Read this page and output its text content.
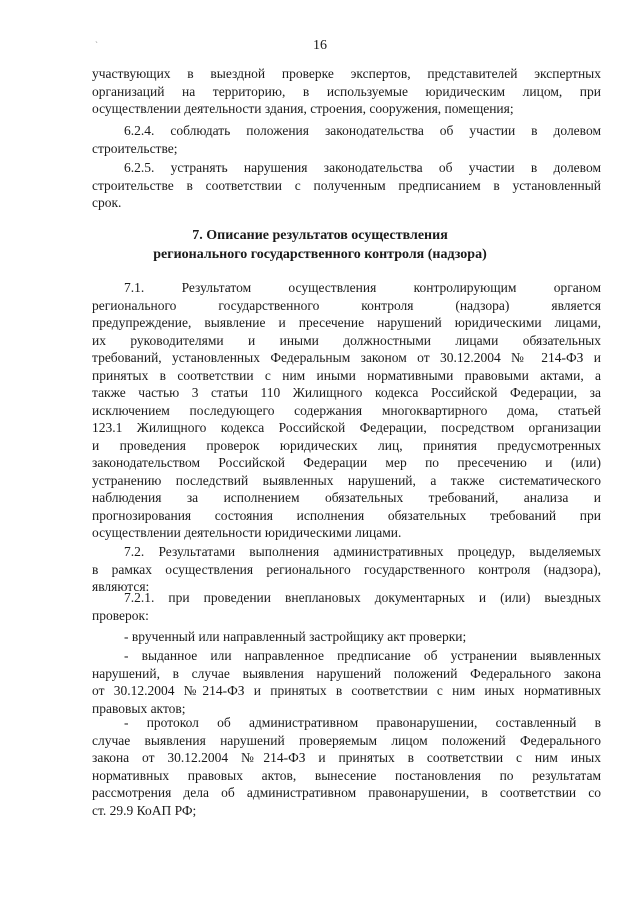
`	16
участвующих в выездной проверке экспертов, представителей экспертных
организаций на территорию, в используемые юридическим лицом, при
осуществлении деятельности здания, строения, сооружения, помещения;
6.2.4. соблюдать положения законодательства об участии в долевом
строительстве;
6.2.5. устранять нарушения законодательства об участии в долевом
строительстве в соответствии с полученным предписанием в установленный
срок.
7.1. Результатом осуществления контролирующим органом
регионального государственного контроля (надзора) является
предупреждение, выявление и пресечение нарушений юридическими лицами,
их руководителями и иными должностными лицами обязательных
требований, установленных Федеральным законом от 30.12.2004 № 214-ФЗ и
принятых в соответствии с ним иными нормативными правовыми актами, а
также частью 3 статьи 110 Жилищного кодекса Российской Федерации, за
исключением последующего содержания многоквартирного дома, статьей
123.1 Жилищного кодекса Российской Федерации, посредством организации
и проведения проверок юридических лиц, принятия предусмотренных
законодательством Российской Федерации мер по пресечению и (или)
устранению последствий выявленных нарушений, а также систематического
наблюдения за исполнением обязательных требований, анализа и
прогнозирования состояния исполнения обязательных требований при
осуществлении деятельности юридическими лицами.
7.2. Результатами выполнения административных процедур, выделяемых
в рамках осуществления регионального государственного контроля (надзора),
являются:
7.2.1. при проведении внеплановых документарных и (или) выездных
проверок:
- врученный или направленный застройщику акт проверки;
- выданное или направленное предписание об устранении выявленных
нарушений, в случае выявления нарушений положений Федерального закона
от 30.12.2004 №214-ФЗ и принятых в соответствии с ним иных нормативных
правовых актов;
- протокол об административном правонарушении, составленный в
случае выявления нарушений проверяемым лицом положений Федерального
закона от 30.12.2004 №214-ФЗ и принятых в соответствии с ним иных
нормативных правовых актов, вынесение постановления по результатам
рассмотрения дела об административном правонарушении, в соответствии со
ст. 29.9 КоАП РФ;
7. Описание результатов осуществления
регионального государственного контроля (надзора)
